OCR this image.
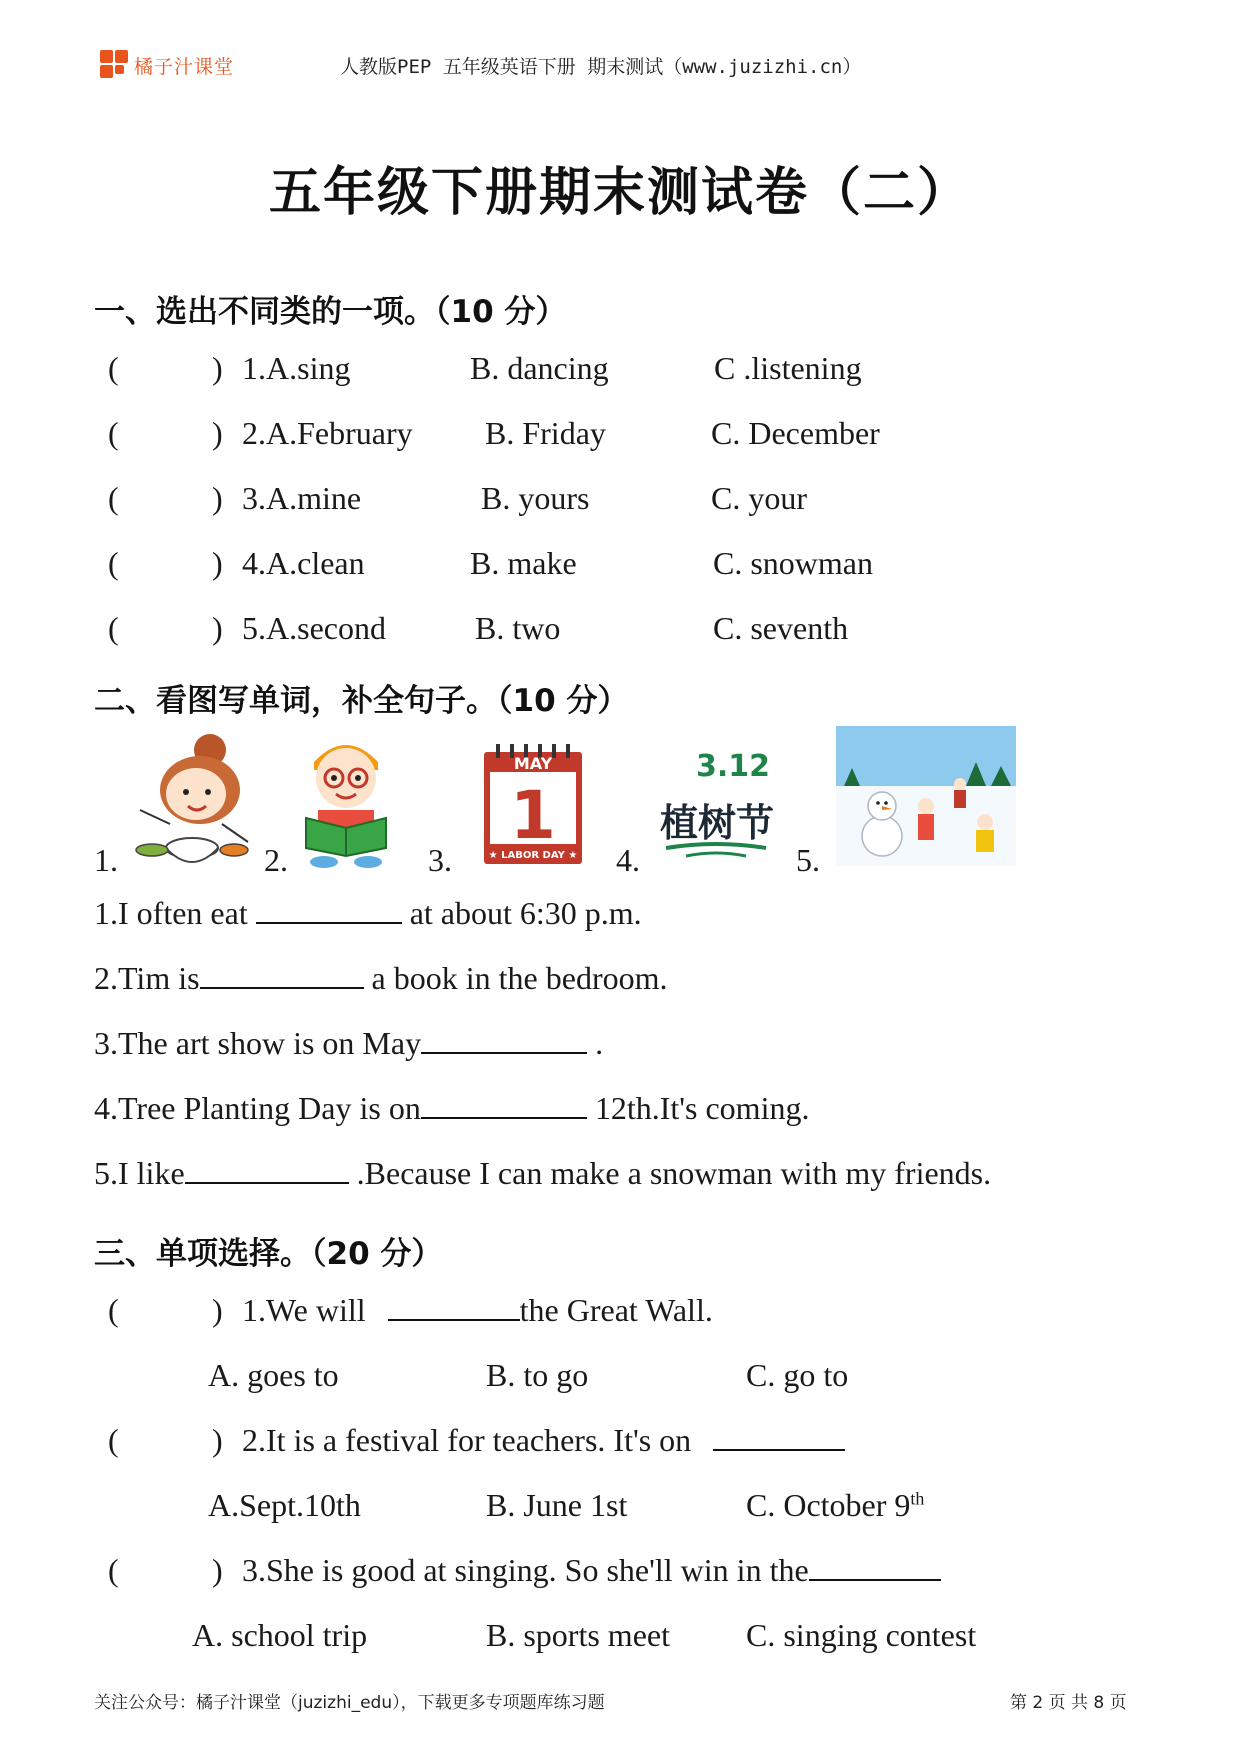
橘子汁课堂	人教版PEP 五年级英语下册 期末测试（www.juzizhi.cn）
五年级下册期末测试卷（二）
一、选出不同类的一项。（10 分）
(	) 1.A.sing	B. dancing	C .listening
(	) 2.A.February B. Friday	C. December
(	) 3.A.mine	B. yours	C. your
(	) 4.A.clean	B. make	C. snowman
(	) 5.A.second	B. two	C. seventh
二、看图写单词，补全句子。（10 分）
1.	2.	3.
MAY
1
★ LABOR DAY ★ 4.
3.12
植树节
5.
1.I often eat	at about 6:30 p.m.
2.Tim is	a book in the bedroom.
3.The art show is on May	.
4.Tree Planting Day is on	12th.It's coming.
5.I like	.Because I can make a snowman with my friends.
三、单项选择。（20 分）
(	) 1.We will	the Great Wall.
A. goes to	B. to go	C. go to
(	) 2.It is a festival for teachers. It's on
A.Sept.10th	B. June 1st	C. October 9th
(	) 3.She is good at singing. So she'll win in the
A. school trip	B. sports meet C. singing contest
关注公众号：橘子汁课堂（juzizhi_edu），下载更多专项题库练习题	第 2 页 共 8 页
